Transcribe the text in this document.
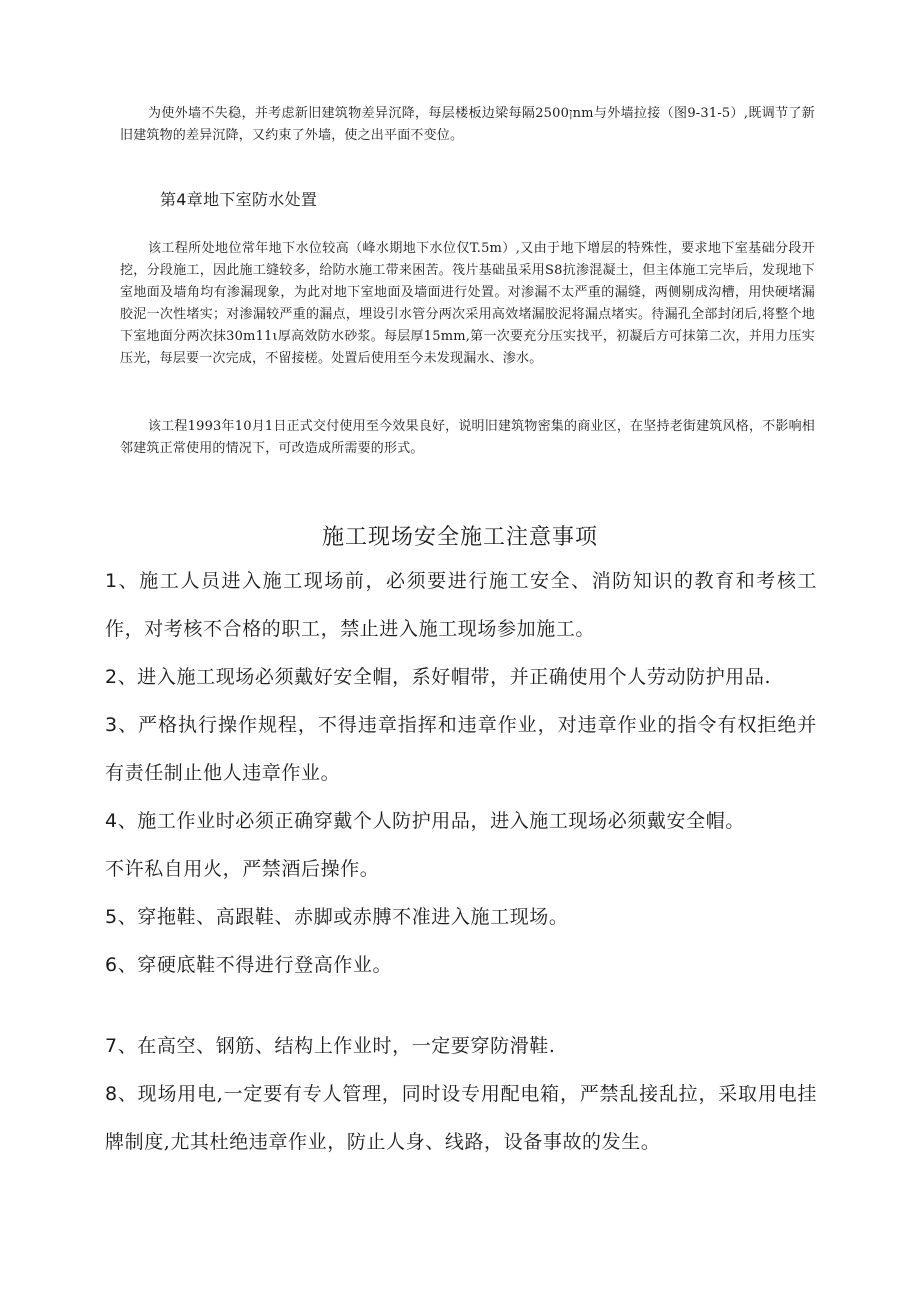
为使外墙不失稳，并考虑新旧建筑物差异沉降，每层楼板边梁每隔2500ןnm与外墙拉接（图9-31-5）,既调节了新旧建筑物的差异沉降，又约束了外墙，使之出平面不变位。

第4章地下室防水处置

该工程所处地位常年地下水位较高（峰水期地下水位仅T.5m）,又由于地下增层的特殊性，要求地下室基础分段开挖，分段施工，因此施工缝较多，给防水施工带来困苦。筏片基础虽采用S8抗渗混凝土，但主体施工完毕后，发现地下室地面及墙角均有渗漏现象，为此对地下室地面及墙面进行处置。对渗漏不太严重的漏缝，两侧剔成沟槽，用快硬堵漏胶泥一次性堵实；对渗漏较严重的漏点，埋设引水管分两次采用高效堵漏胶泥将漏点堵实。待漏孔全部封闭后,将整个地下室地面分两次抹30m11ι厚高效防水砂浆。每层厚15mm,第一次要充分压实找平，初凝后方可抹第二次，并用力压实压光，每层要一次完成，不留接槎。处置后使用至今未发现漏水、渗水。

该工程1993年10月1日正式交付使用至今效果良好，说明旧建筑物密集的商业区，在坚持老街建筑风格，不影响相邻建筑正常使用的情况下，可改造成所需要的形式。

施工现场安全施工注意事项
1、施工人员进入施工现场前，必须要进行施工安全、消防知识的教育和考核工作，对考核不合格的职工，禁止进入施工现场参加施工。
2、进入施工现场必须戴好安全帽，系好帽带，并正确使用个人劳动防护用品.
3、严格执行操作规程，不得违章指挥和违章作业，对违章作业的指令有权拒绝并有责任制止他人违章作业。
4、施工作业时必须正确穿戴个人防护用品，进入施工现场必须戴安全帽。
不许私自用火，严禁酒后操作。
5、穿拖鞋、高跟鞋、赤脚或赤膊不准进入施工现场。
6、穿硬底鞋不得进行登高作业。
7、在高空、钢筋、结构上作业时，一定要穿防滑鞋.
8、现场用电,一定要有专人管理，同时设专用配电箱，严禁乱接乱拉，采取用电挂牌制度,尤其杜绝违章作业，防止人身、线路，设备事故的发生。
